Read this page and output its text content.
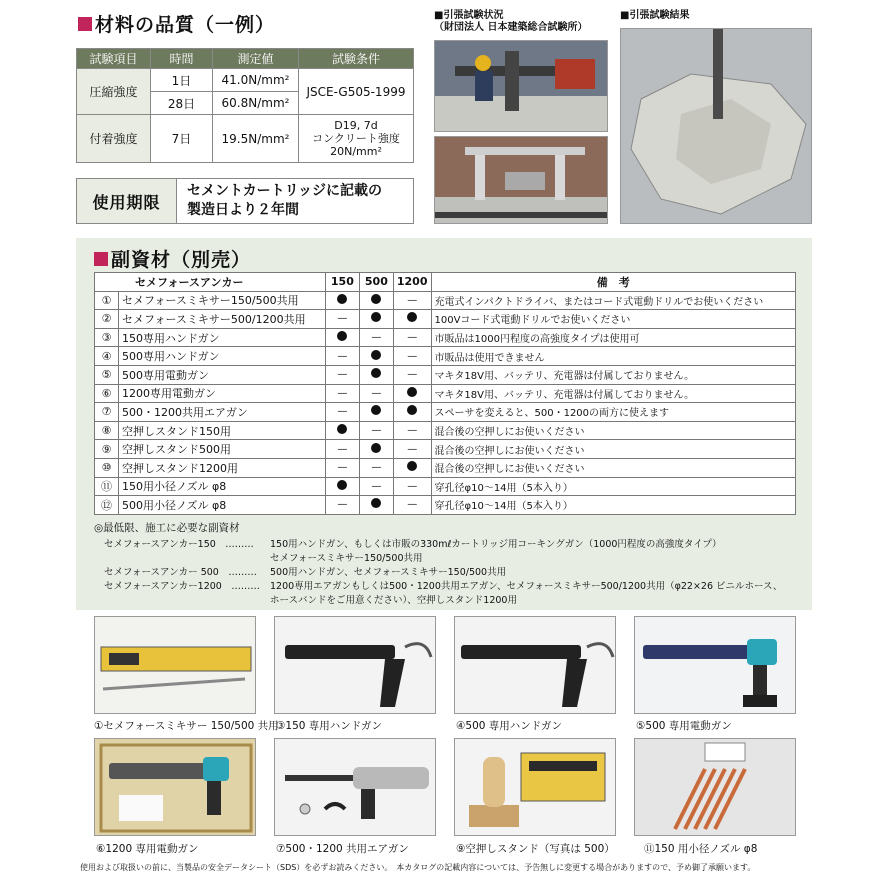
材料の品質（一例）
試験項目	時間	測定値	試験条件
圧縮強度	1日	41.0N/mm²	JSCE-G505-1999
	28日	60.8N/mm²	
付着強度	7日	19.5N/mm²	D19, 7d
コンクリート強度
20N/mm²
使用期限
セメントカートリッジに記載の
製造日より２年間
■引張試験状況
（財団法人 日本建築総合試験所）
■引張試験結果
副資材（別売）
セメフォースアンカー		150	500	1200	備　考
①	セメフォースミキサー150/500共用			—	充電式インパクトドライバ、またはコード式電動ドリルでお使いください
②	セメフォースミキサー500/1200共用	—			100Vコード式電動ドリルでお使いください
③	150専用ハンドガン		—	—	市販品は1000円程度の高強度タイプは使用可
④	500専用ハンドガン	—		—	市販品は使用できません
⑤	500専用電動ガン	—		—	マキタ18V用、バッテリ、充電器は付属しておりません。
⑥	1200専用電動ガン	—	—		マキタ18V用、バッテリ、充電器は付属しておりません。
⑦	500・1200共用エアガン	—			スペーサを変えると、500・1200の両方に使えます
⑧	空押しスタンド150用		—	—	混合後の空押しにお使いください
⑨	空押しスタンド500用	—		—	混合後の空押しにお使いください
⑩	空押しスタンド1200用	—	—		混合後の空押しにお使いください
⑪	150用小径ノズル φ8		—	—	穿孔径φ10～14用（5本入り）
⑫	500用小径ノズル φ8	—		—	穿孔径φ10～14用（5本入り）
◎最低限、施工に必要な副資材
セメフォースアンカー150　……… 150用ハンドガン、もしくは市販の330mℓカートリッジ用コーキングガン（1000円程度の高強度タイプ）
セメフォースミキサー150/500共用
セメフォースアンカー 500　……… 500用ハンドガン、セメフォースミキサー150/500共用
セメフォースアンカー1200　……… 1200専用エアガンもしくは500・1200共用エアガン、セメフォースミキサー500/1200共用（φ22×26 ビニルホース、
ホースバンドをご用意ください）、空押しスタンド1200用
①セメフォースミキサー 150/500 共用
③150 専用ハンドガン	④500 専用ハンドガン	⑤500 専用電動ガン
⑥1200 専用電動ガン	⑦500・1200 共用エアガン	⑨空押しスタンド（写真は 500）	⑪150 用小径ノズル φ8
使用および取扱いの前に、当製品の安全データシート（SDS）を必ずお読みください。　本カタログの記載内容については、予告無しに変更する場合がありますので、予め御了承願います。
